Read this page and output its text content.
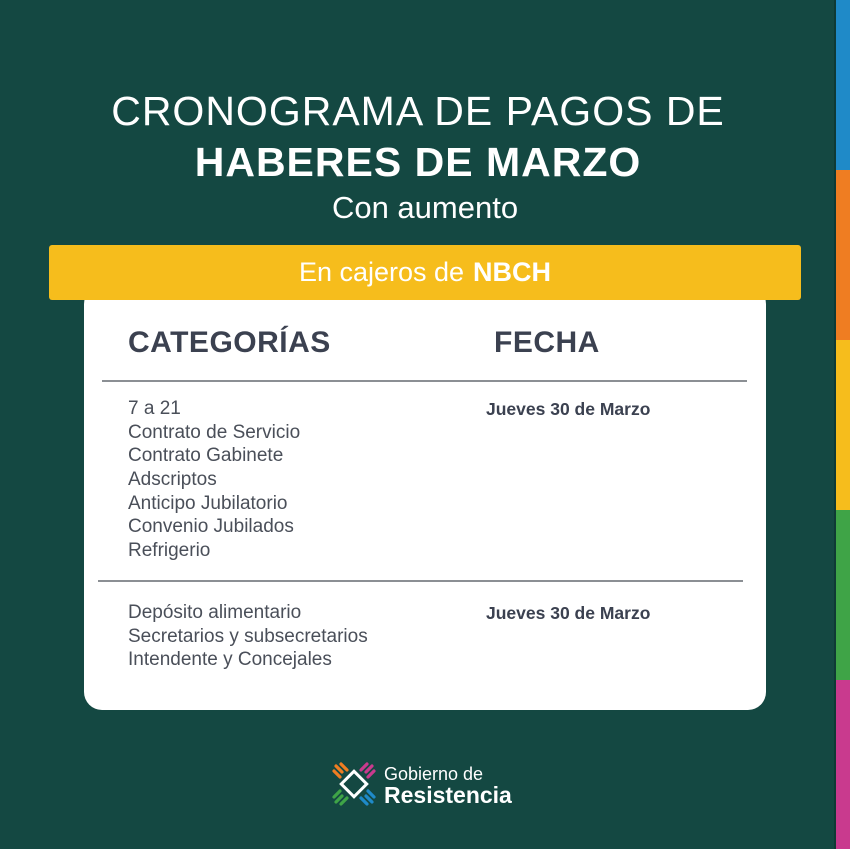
CRONOGRAMA DE PAGOS DE
HABERES DE MARZO
Con aumento
En cajeros de NBCH
CATEGORÍAS	FECHA
7 a 21
Contrato de Servicio
Contrato Gabinete
Adscriptos
Anticipo Jubilatorio
Convenio Jubilados
Refrigerio
Jueves 30 de Marzo
Depósito alimentario
Secretarios y subsecretarios
Intendente y Concejales
Jueves 30 de Marzo
Gobierno de
Resistencia
